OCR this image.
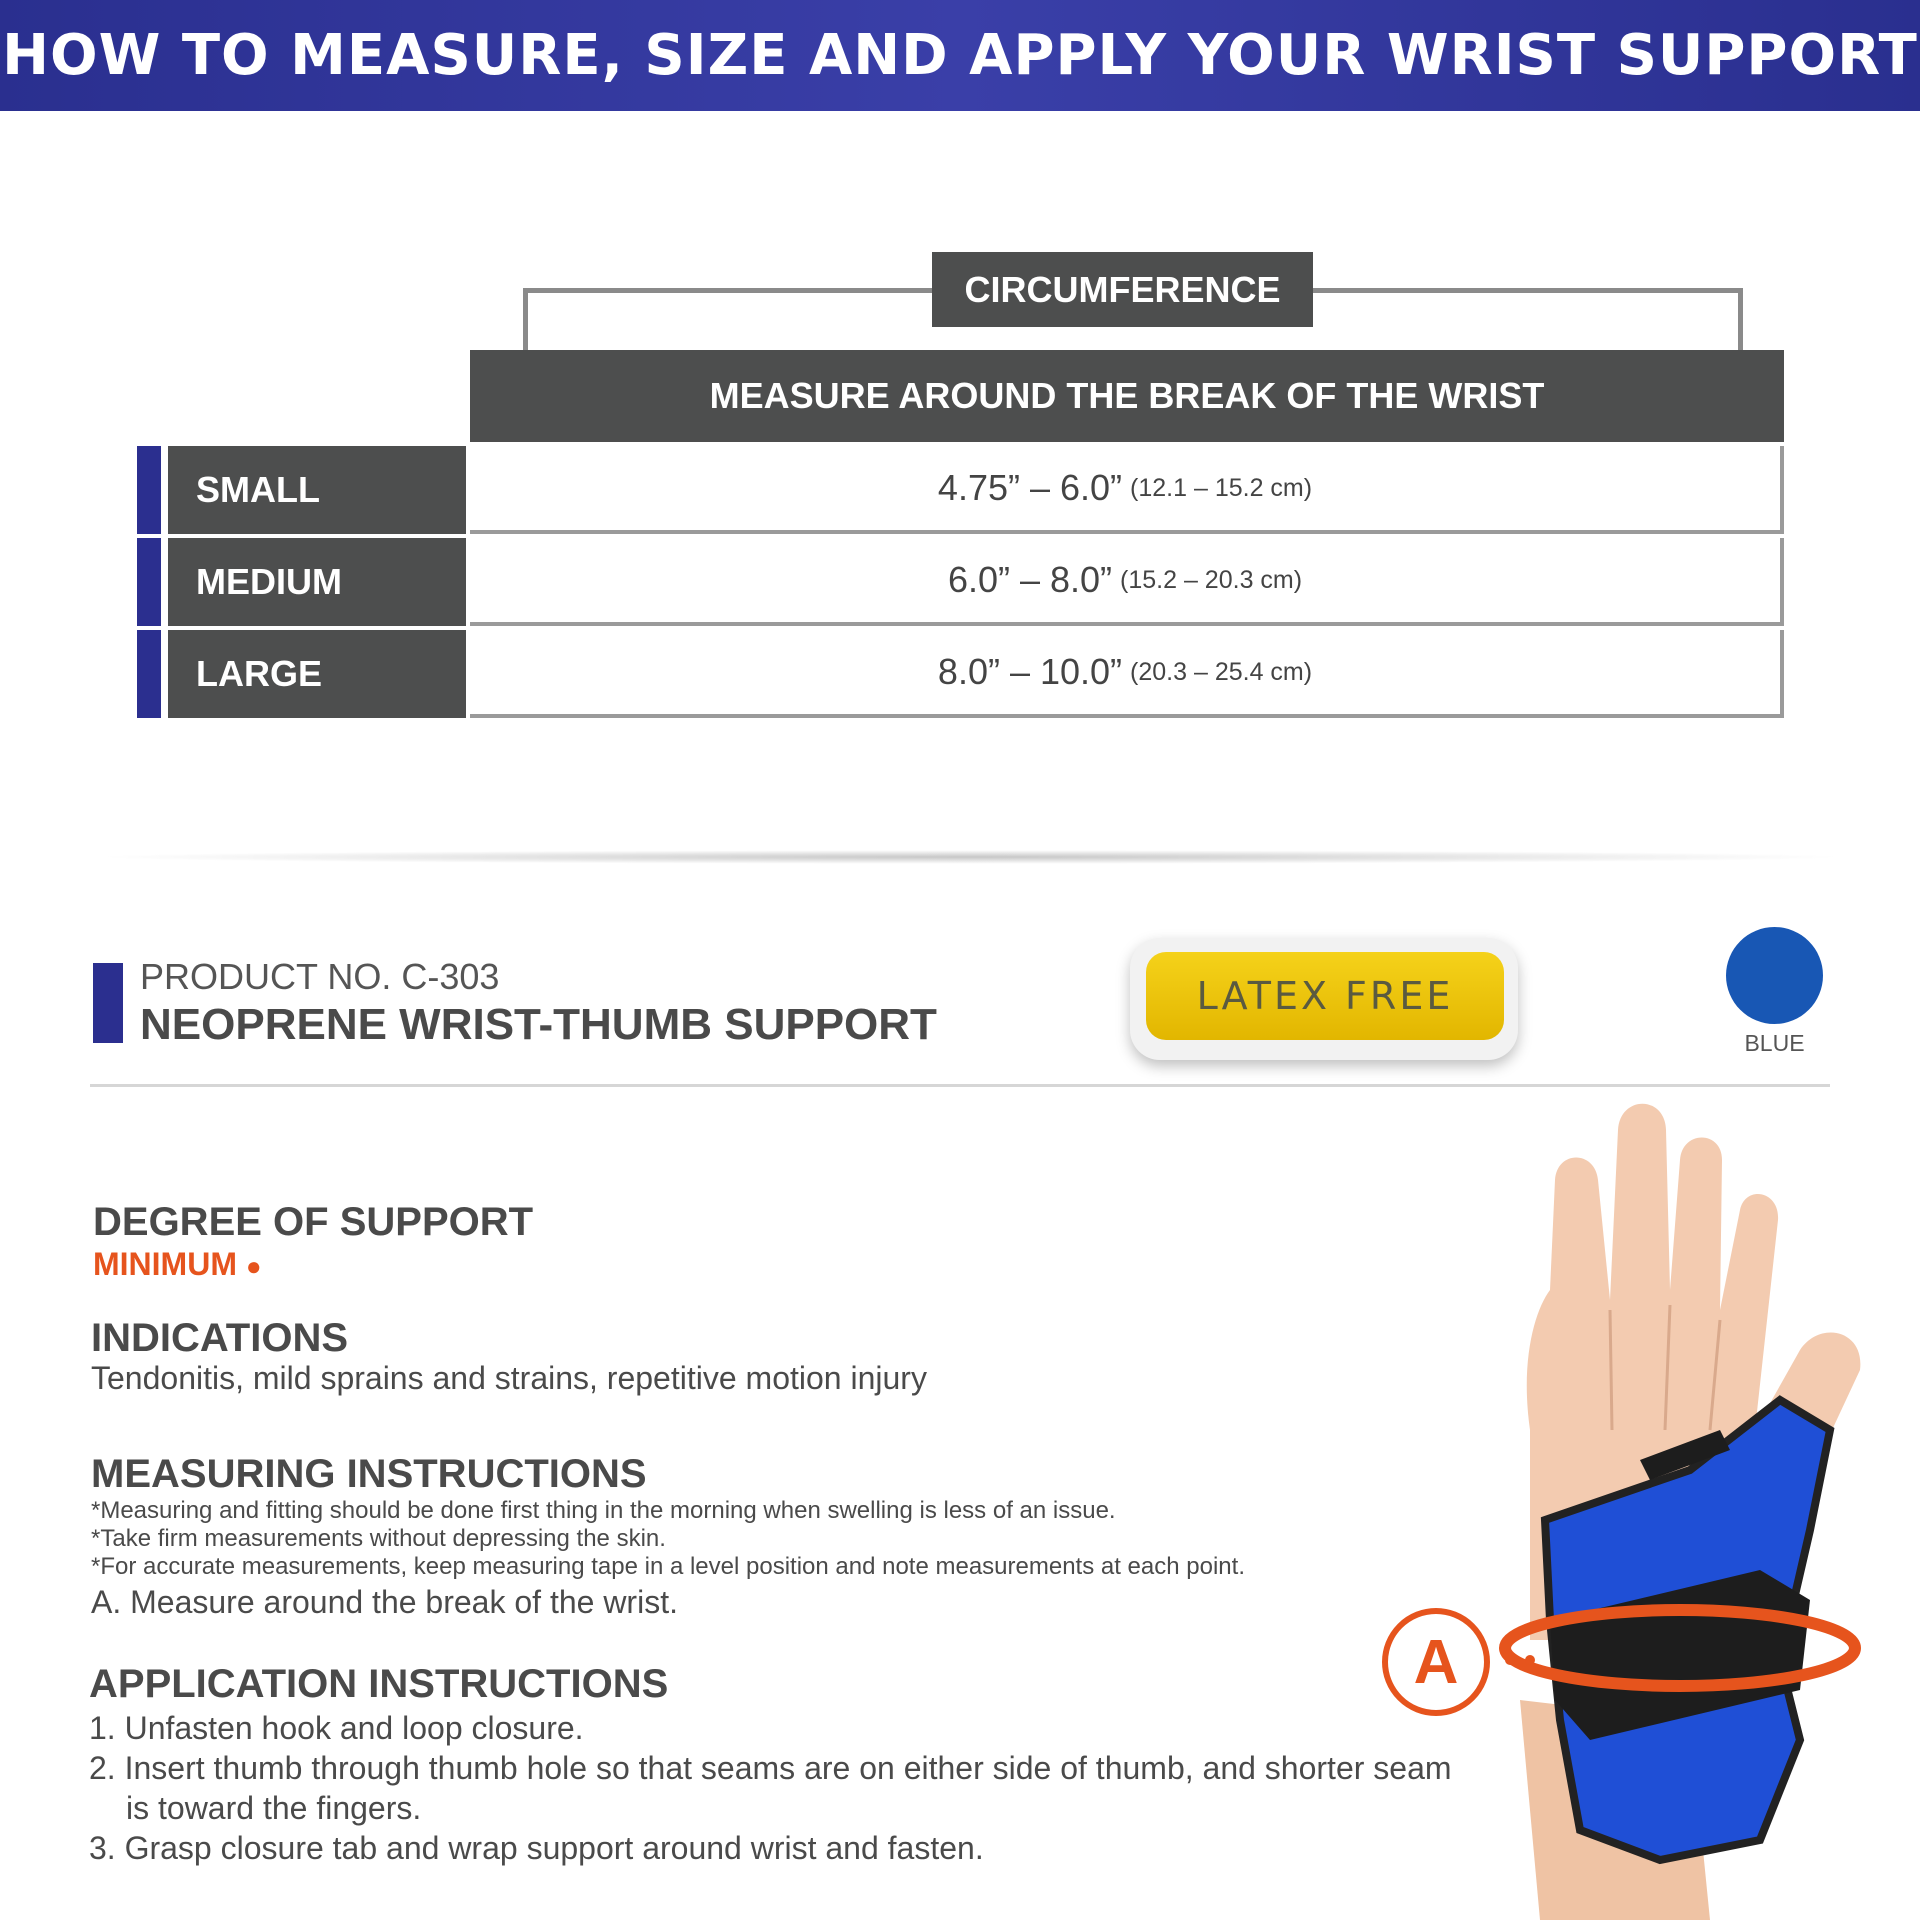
HOW TO MEASURE, SIZE AND APPLY YOUR WRIST SUPPORT
CIRCUMFERENCE
MEASURE AROUND THE BREAK OF THE WRIST
SMALL	4.75” – 6.0” (12.1 – 15.2 cm)
MEDIUM	6.0” – 8.0” (15.2 – 20.3 cm)
LARGE	8.0” – 10.0” (20.3 – 25.4 cm)
PRODUCT NO. C-303
NEOPRENE WRIST-THUMB SUPPORT
LATEX FREE
BLUE
DEGREE OF SUPPORT
MINIMUM ●
INDICATIONS
Tendonitis, mild sprains and strains, repetitive motion injury
MEASURING INSTRUCTIONS
*Measuring and fitting should be done first thing in the morning when swelling is less of an issue.
*Take firm measurements without depressing the skin.
*For accurate measurements, keep measuring tape in a level position and note measurements at each point.
A. Measure around the break of the wrist.
APPLICATION INSTRUCTIONS
1. Unfasten hook and loop closure.
2. Insert thumb through thumb hole so that seams are on either side of thumb, and shorter seam
is toward the fingers.
3. Grasp closure tab and wrap support around wrist and fasten.
A
